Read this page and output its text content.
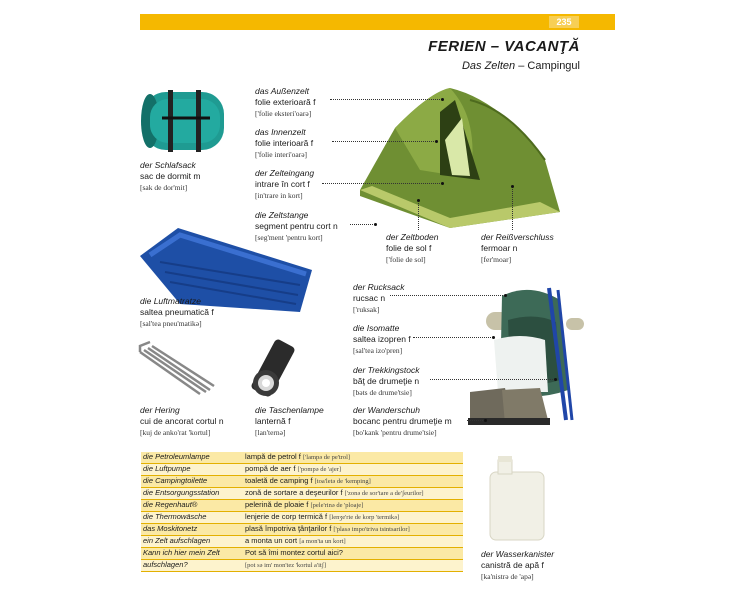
FREIZEIT – TIMP LIBER
235
FERIEN – VACANŢĂ
Das Zelten – Campingul
das Außenzelt
folie exterioară f
['folie eksteri'oarə]
das Innenzelt
folie interioară f
['folie interi'oarə]
der Zelteingang
intrare în cort f
[in'trare in kort]
die Zeltstange
segment pentru cort n
[seg'ment 'pentru kort]
der Schlafsack
sac de dormit m
[sak de dor'mit]
der Zeltboden
folie de sol f
['folie de sol]
der Reißverschluss
fermoar n
[fer'moar]
die Luftmatratze
saltea pneumatică f
[sal'tea pneu'matikə]
der Rucksack
rucsac n
['ruksak]
die Isomatte
saltea izopren f
[sal'tea izo'pren]
der Trekkingstock
băţ de drumeţie n
[bəts de drume'tsie]
der Hering
cui de ancorat cortul n
[kuj de anko'rat 'kortul]
die Taschenlampe
lanternă f
[lan'ternə]
der Wanderschuh
bocanc pentru drumeţie m
[bo'kank 'pentru drume'tsie]
der Wasserkanister
canistră de apă f
[ka'nistrə de 'apə]
die Petroleumlampe	lampă de petrol f ['lampə de pe'trol]
die Luftpumpe	pompă de aer f ['pompə de 'ajer]
die Campingtoilette	toaletă de camping f [toa'letə de 'kemping]
die Entsorgungsstation	zonă de sortare a deşeurilor f ['zonə de sor'tare a de'ʃeurilor]
die Regenhaut®	pelerină de ploaie f [pele'rinə de 'ploaje]
die Thermowäsche	lenjerie de corp termică f [lenʒe'rie de korp 'termikə]
das Moskitonetz	plasă împotriva ţânţarilor f ['plasə impo'triva tsintsarilor]
ein Zelt aufschlagen	a monta un cort [a mon'ta un kort]
Kann ich hier mein Zelt	Pot să îmi montez cortul aici?
aufschlagen?	[pot sə im' mon'tez 'kortul a'itʃ]
